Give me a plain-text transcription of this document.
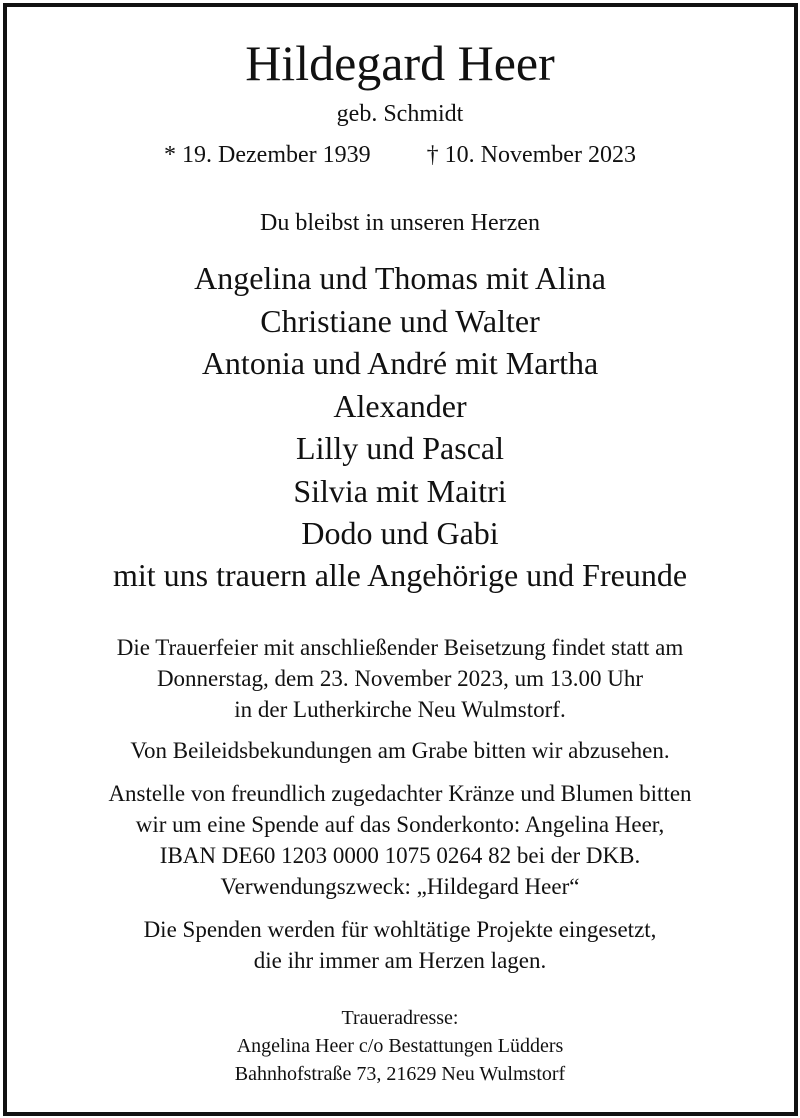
Hildegard Heer
geb. Schmidt
* 19. Dezember 1939 † 10. November 2023
Du bleibst in unseren Herzen
Angelina und Thomas mit Alina
Christiane und Walter
Antonia und André mit Martha
Alexander
Lilly und Pascal
Silvia mit Maitri
Dodo und Gabi
mit uns trauern alle Angehörige und Freunde
Die Trauerfeier mit anschließender Beisetzung findet statt am
Donnerstag, dem 23. November 2023, um 13.00 Uhr
in der Lutherkirche Neu Wulmstorf.
Von Beileidsbekundungen am Grabe bitten wir abzusehen.
Anstelle von freundlich zugedachter Kränze und Blumen bitten
wir um eine Spende auf das Sonderkonto: Angelina Heer,
IBAN DE60 1203 0000 1075 0264 82 bei der DKB.
Verwendungszweck: „Hildegard Heer“
Die Spenden werden für wohltätige Projekte eingesetzt,
die ihr immer am Herzen lagen.
Traueradresse:
Angelina Heer c/o Bestattungen Lüdders
Bahnhofstraße 73, 21629 Neu Wulmstorf
